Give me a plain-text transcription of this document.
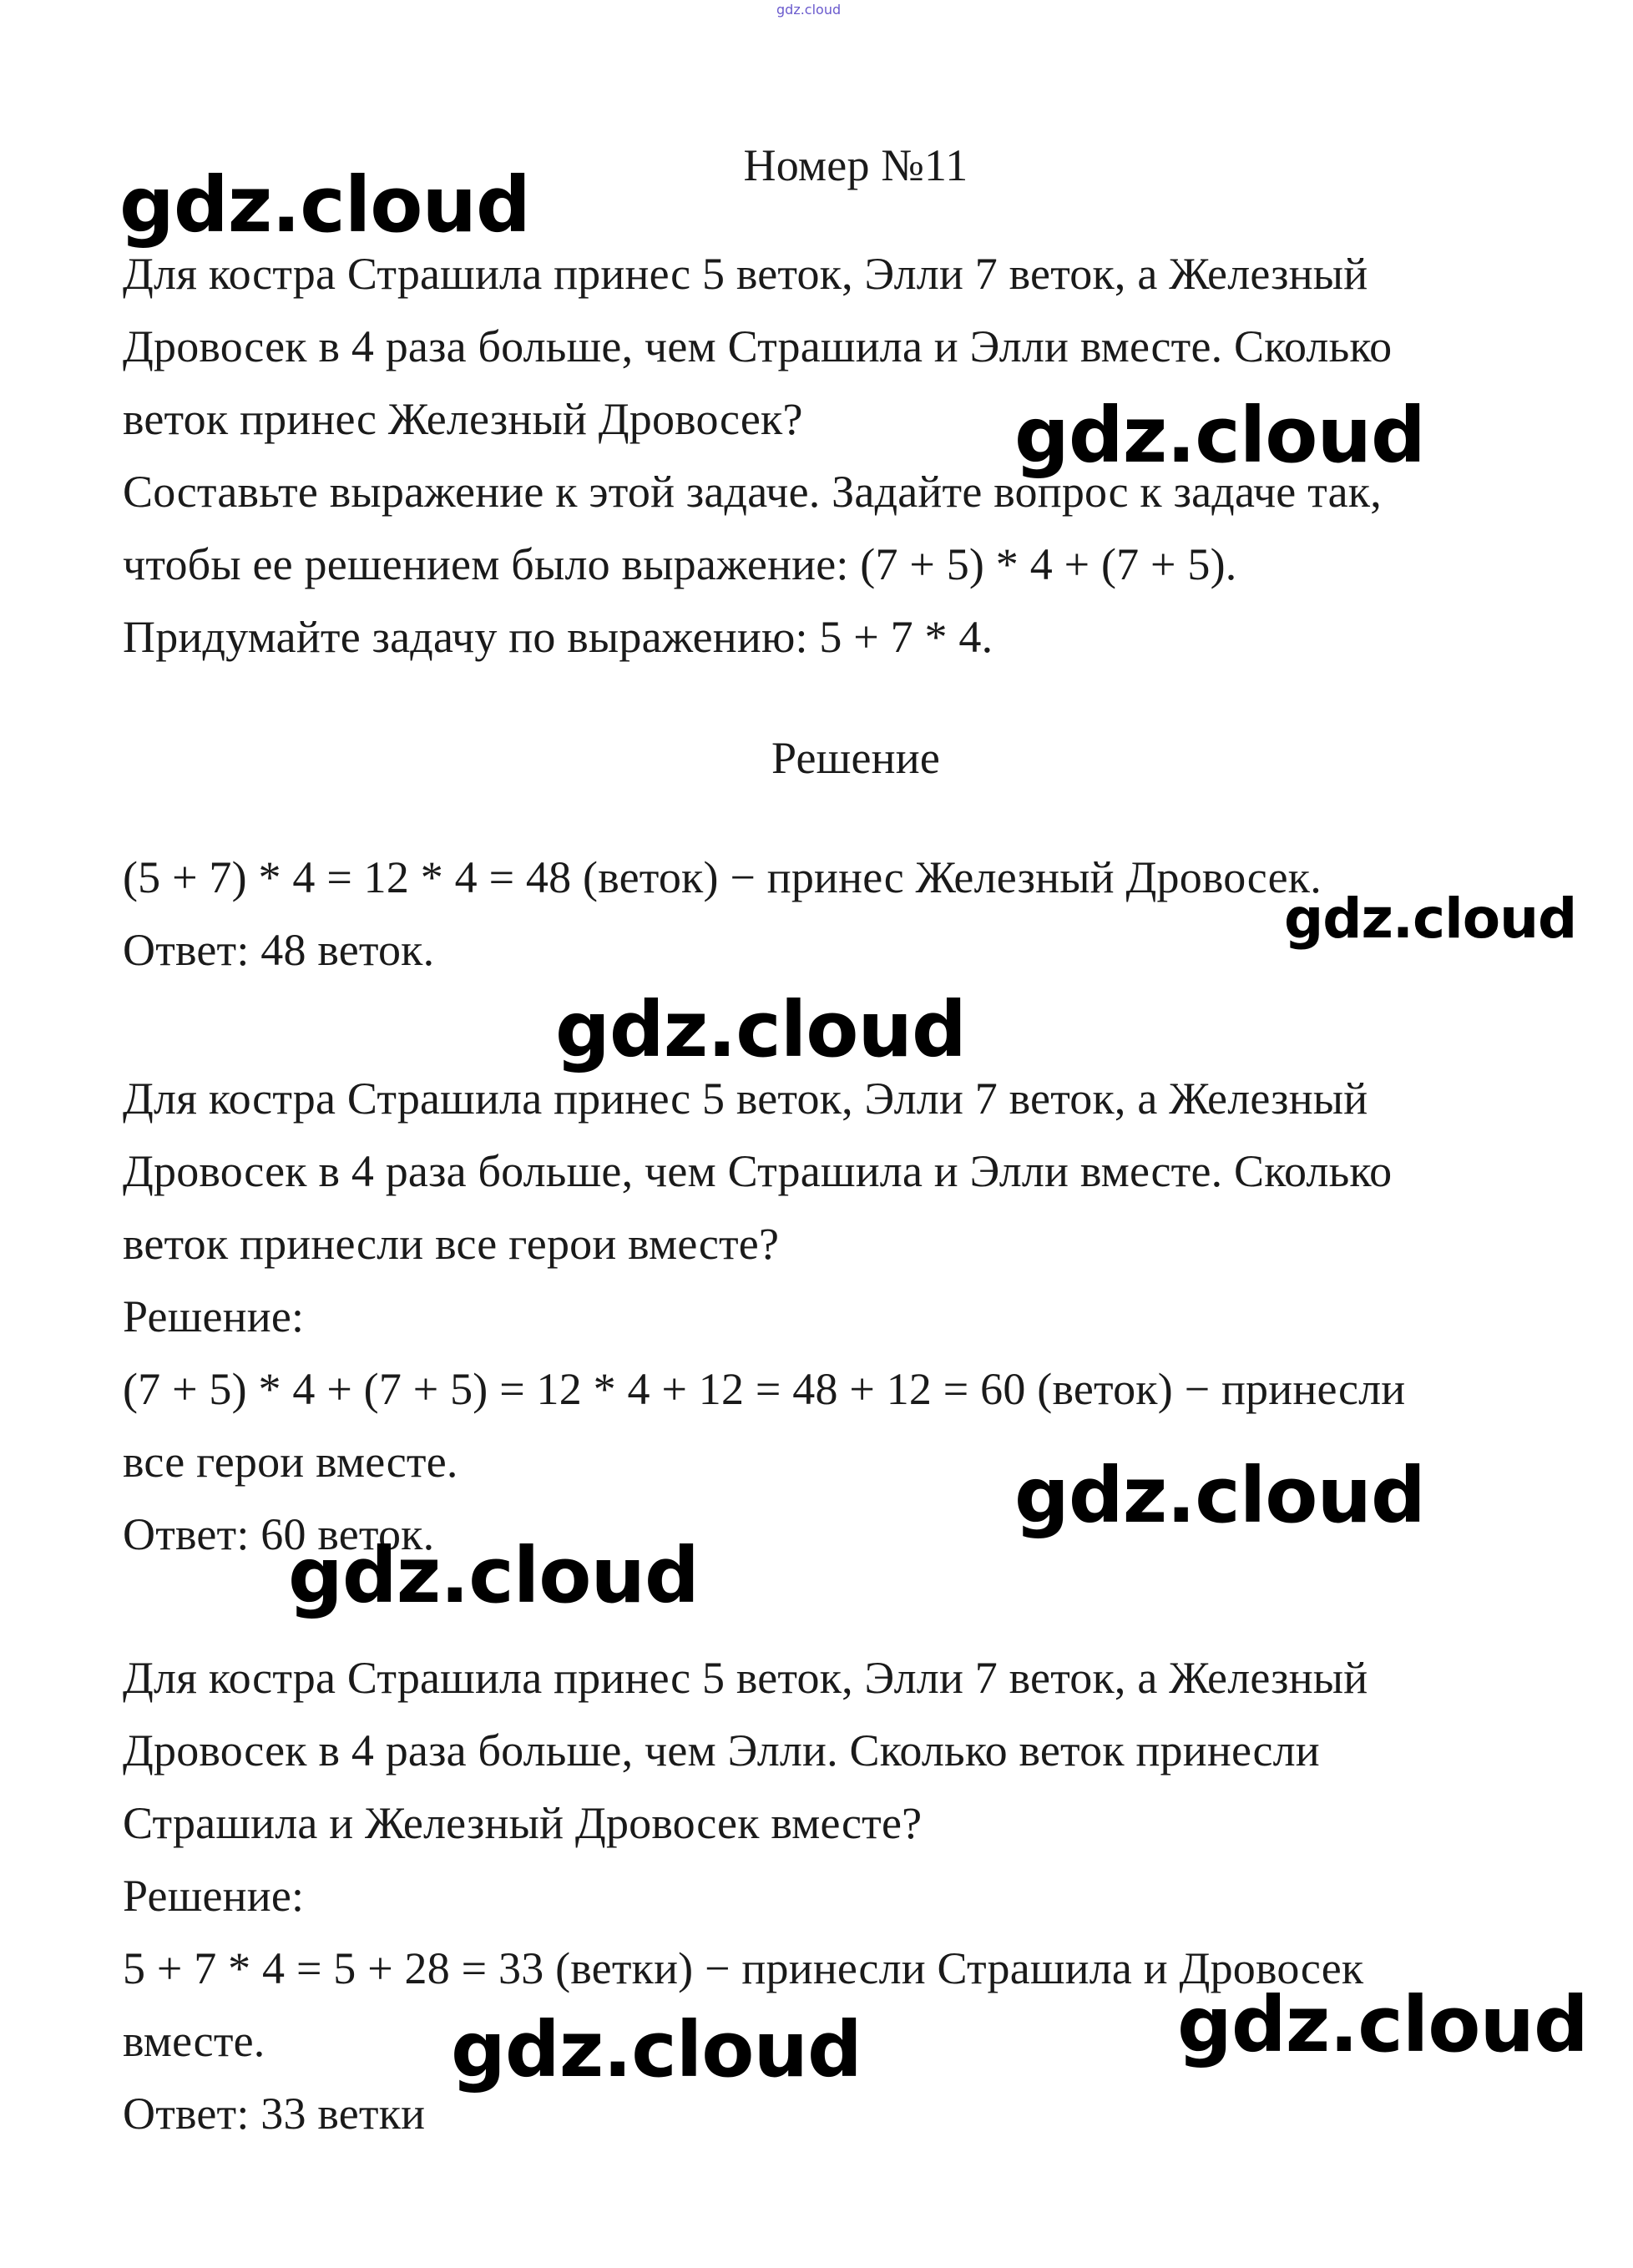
gdz.cloud
Номер №11
Для костра Страшила принес 5 веток, Элли 7 веток, а Железный
Дровосек в 4 раза больше, чем Страшила и Элли вместе. Сколько
веток принес Железный Дровосек?
Составьте выражение к этой задаче. Задайте вопрос к задаче так,
чтобы ее решением было выражение: (7 + 5) * 4 + (7 + 5).
Придумайте задачу по выражению: 5 + 7 * 4.
Решение
(5 + 7) * 4 = 12 * 4 = 48 (веток) − принес Железный Дровосек.
Ответ: 48 веток.
Для костра Страшила принес 5 веток, Элли 7 веток, а Железный
Дровосек в 4 раза больше, чем Страшила и Элли вместе. Сколько
веток принесли все герои вместе?
Решение:
(7 + 5) * 4 + (7 + 5) = 12 * 4 + 12 = 48 + 12 = 60 (веток) − принесли
все герои вместе.
Ответ: 60 веток.
Для костра Страшила принес 5 веток, Элли 7 веток, а Железный
Дровосек в 4 раза больше, чем Элли. Сколько веток принесли
Страшила и Железный Дровосек вместе?
Решение:
5 + 7 * 4 = 5 + 28 = 33 (ветки) − принесли Страшила и Дровосек
вместе.
Ответ: 33 ветки
gdz.cloud
gdz.cloud
gdz.cloud
gdz.cloud
gdz.cloud
gdz.cloud
gdz.cloud
gdz.cloud
